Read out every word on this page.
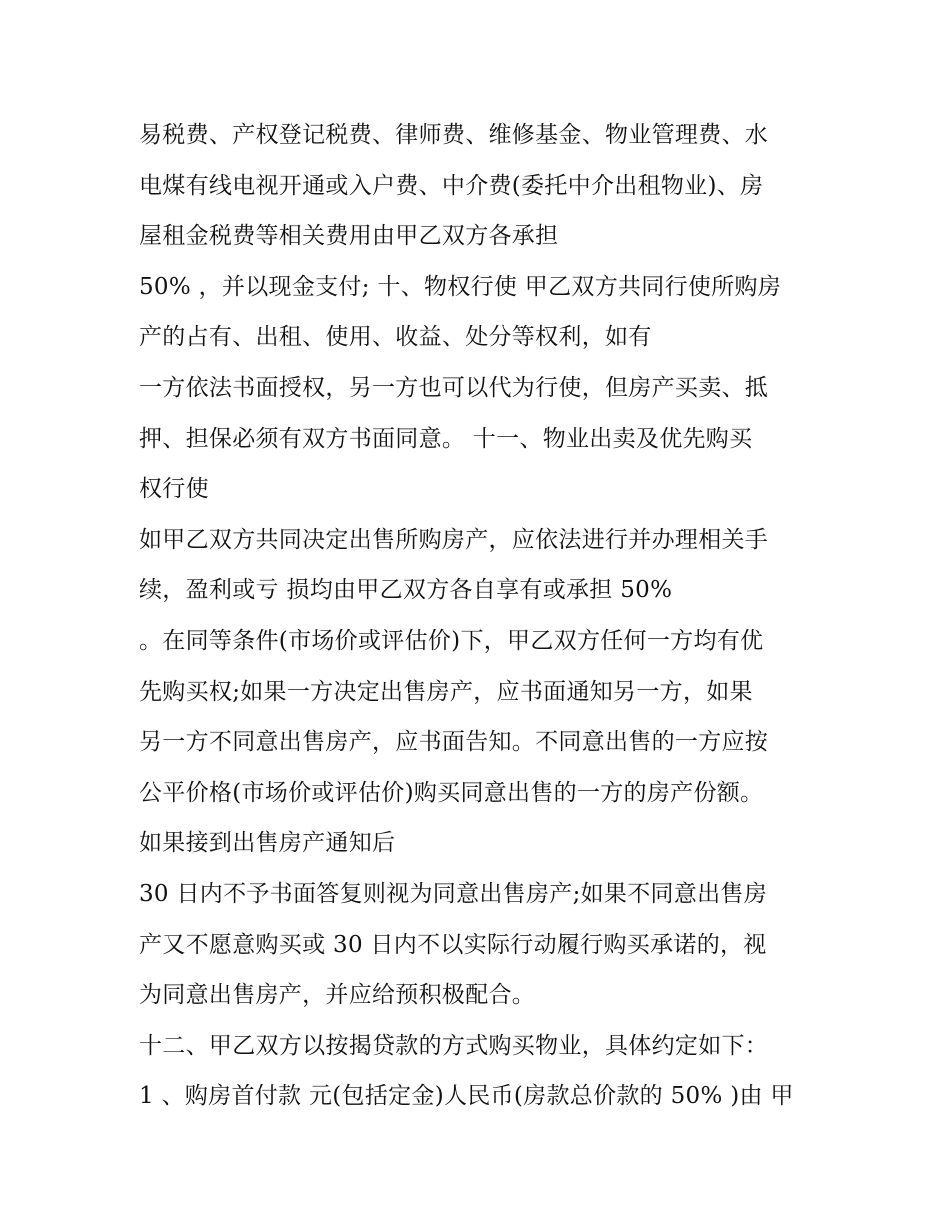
易税费、产权登记税费、律师费、维修基金、物业管理费、水
电煤有线电视开通或入户费、中介费(委托中介出租物业)、房
屋租金税费等相关费用由甲乙双方各承担
50% ，并以现金支付; 十、物权行使 甲乙双方共同行使所购房
产的占有、出租、使用、收益、处分等权利，如有
一方依法书面授权，另一方也可以代为行使，但房产买卖、抵
押、担保必须有双方书面同意。 十一、物业出卖及优先购买
权行使
如甲乙双方共同决定出售所购房产，应依法进行并办理相关手
续，盈利或亏 损均由甲乙双方各自享有或承担 50%
。在同等条件(市场价或评估价)下，甲乙双方任何一方均有优
先购买权;如果一方决定出售房产，应书面通知另一方，如果
另一方不同意出售房产，应书面告知。不同意出售的一方应按
公平价格(市场价或评估价)购买同意出售的一方的房产份额。
如果接到出售房产通知后
30 日内不予书面答复则视为同意出售房产;如果不同意出售房
产又不愿意购买或 30 日内不以实际行动履行购买承诺的，视
为同意出售房产，并应给预积极配合。
十二、甲乙双方以按揭贷款的方式购买物业，具体约定如下：
1 、购房首付款 元(包括定金)人民币(房款总价款的 50% )由 甲
